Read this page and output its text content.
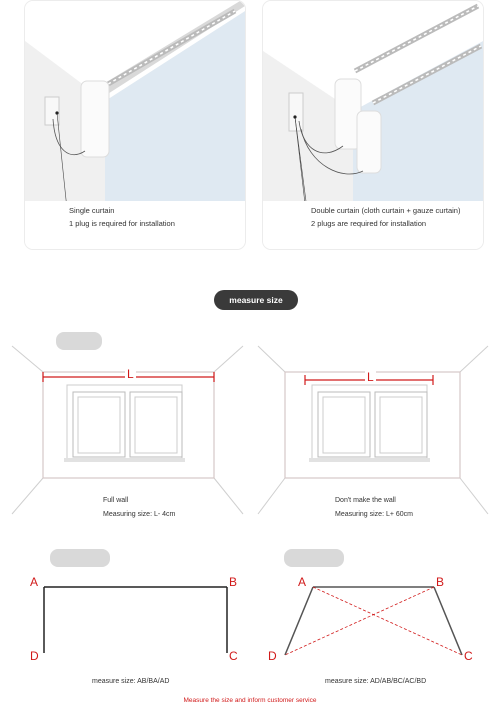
Single curtain
1 plug is required for installation
Double curtain (cloth curtain + gauze curtain)
2 plugs are required for installation
measure size
L	L
Full wall
Measuring size: L- 4cm
Don't make the wall
Measuring size: L+ 60cm
A	B
D	C
A	B
D	C
measure size: AB/BA/AD	measure size: AD/AB/BC/AC/BD
Measure the size and inform customer service
